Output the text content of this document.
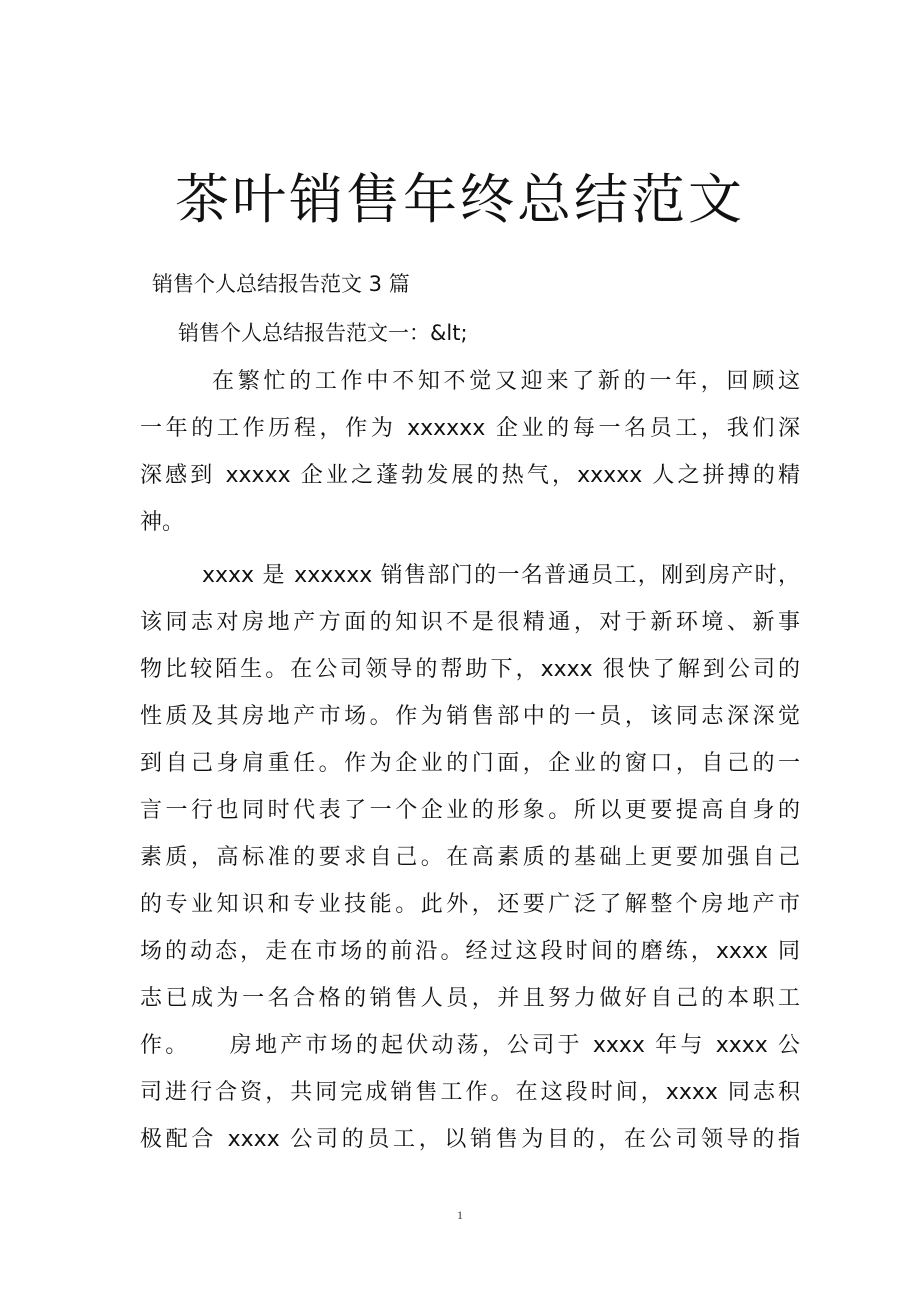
茶叶销售年终总结范文
销售个人总结报告范文 3 篇
销售个人总结报告范文一：&lt;
在繁忙的工作中不知不觉又迎来了新的一年，回顾这
一年的工作历程，作为 xxxxxx 企业的每一名员工，我们深
深感到 xxxxx 企业之蓬勃发展的热气，xxxxx 人之拼搏的精
神。
xxxx 是 xxxxxx 销售部门的一名普通员工，刚到房产时，
该同志对房地产方面的知识不是很精通，对于新环境、新事
物比较陌生。在公司领导的帮助下，xxxx 很快了解到公司的
性质及其房地产市场。作为销售部中的一员，该同志深深觉
到自己身肩重任。作为企业的门面，企业的窗口，自己的一
言一行也同时代表了一个企业的形象。所以更要提高自身的
素质，高标准的要求自己。在高素质的基础上更要加强自己
的专业知识和专业技能。此外，还要广泛了解整个房地产市
场的动态，走在市场的前沿。经过这段时间的磨练，xxxx 同
志已成为一名合格的销售人员，并且努力做好自己的本职工
作。　　房地产市场的起伏动荡，公司于 xxxx 年与 xxxx 公
司进行合资，共同完成销售工作。在这段时间，xxxx 同志积
极配合 xxxx 公司的员工，以销售为目的，在公司领导的指
1
